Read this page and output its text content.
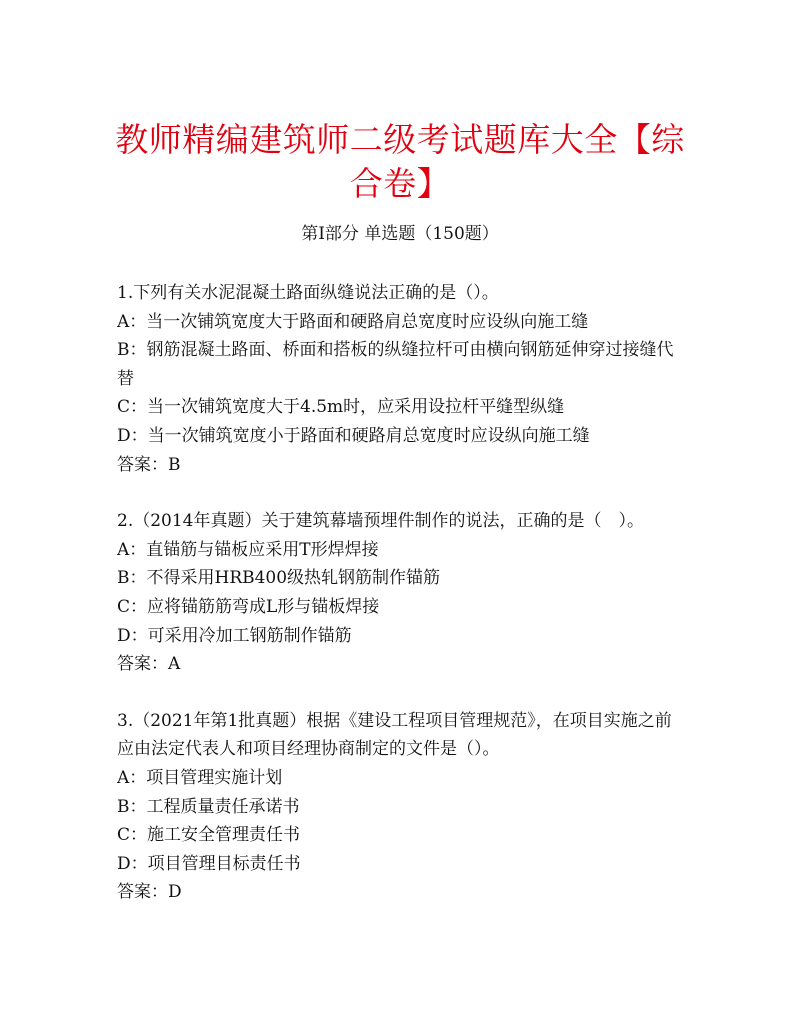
教师精编建筑师二级考试题库大全【综合卷】
第I部分 单选题（150题）
1.下列有关水泥混凝土路面纵缝说法正确的是（）。
A：当一次铺筑宽度大于路面和硬路肩总宽度时应设纵向施工缝
B：钢筋混凝土路面、桥面和搭板的纵缝拉杆可由横向钢筋延伸穿过接缝代替
C：当一次铺筑宽度大于4.5m时，应采用设拉杆平缝型纵缝
D：当一次铺筑宽度小于路面和硬路肩总宽度时应设纵向施工缝
答案：B
2.（2014年真题）关于建筑幕墙预埋件制作的说法，正确的是（　）。
A：直锚筋与锚板应采用T形焊焊接
B：不得采用HRB400级热轧钢筋制作锚筋
C：应将锚筋筋弯成L形与锚板焊接
D：可采用冷加工钢筋制作锚筋
答案：A
3.（2021年第1批真题）根据《建设工程项目管理规范》，在项目实施之前应由法定代表人和项目经理协商制定的文件是（）。
A：项目管理实施计划
B：工程质量责任承诺书
C：施工安全管理责任书
D：项目管理目标责任书
答案：D
